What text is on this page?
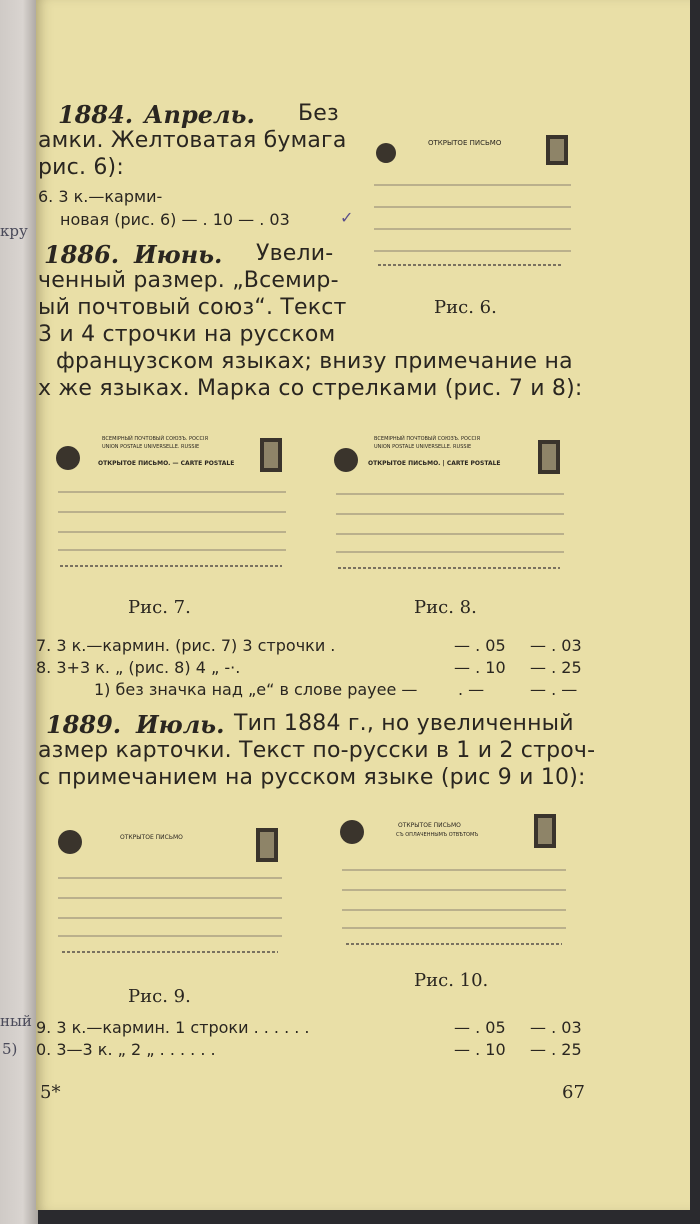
кру
ный
5)
1884. Апрель. Без
амки. Желтоватая бумага
рис. 6):
6. 3 к.—карми-
новая (рис. 6) — . 10 — . 03	✓
ОТКРЫТОЕ ПИСЬМО
Рис. 6.
1886. Июнь. Увели-
ченный размер. „Всемир-
ый почтовый союз“. Текст
3 и 4 строчки на русском
французском языках; внизу примечание на
х же языках. Марка со стрелками (рис. 7 и 8):
ВСЕМІРНЫЙ ПОЧТОВЫЙ СОЮЗЪ. РОССІЯ
UNION POSTALE UNIVERSELLE. RUSSIE
ОТКРЫТОЕ ПИСЬМО. — CARTE POSTALE
Рис. 7.
ВСЕМІРНЫЙ ПОЧТОВЫЙ СОЮЗЪ. РОССІЯ
UNION POSTALE UNIVERSELLE. RUSSIE
ОТКРЫТОЕ ПИСЬМО. | CARTE POSTALE
Рис. 8.
7. 3 к.—кармин. (рис. 7) 3 строчки .	— . 05 — . 03
8. 3+3 к. „ (рис. 8) 4 „ -·.	— . 10 — . 25
1) без значка над „е“ в слове payee —	. —	— . —
1889. Июль. Тип 1884 г., но увеличенный
азмер карточки. Текст по-русски в 1 и 2 строч-
с примечанием на русском языке (рис 9 и 10):
ОТКРЫТОЕ ПИСЬМО
Рис. 9.
ОТКРЫТОЕ ПИСЬМО
СЪ ОПЛАЧЕННЫМЪ ОТВѢТОМЪ
Рис. 10.
9. 3 к.—кармин. 1 строки . . . . . .	— . 05 — . 03
0. 3—3 к. „ 2 „ . . . . . .	— . 10 — . 25
5*	67
